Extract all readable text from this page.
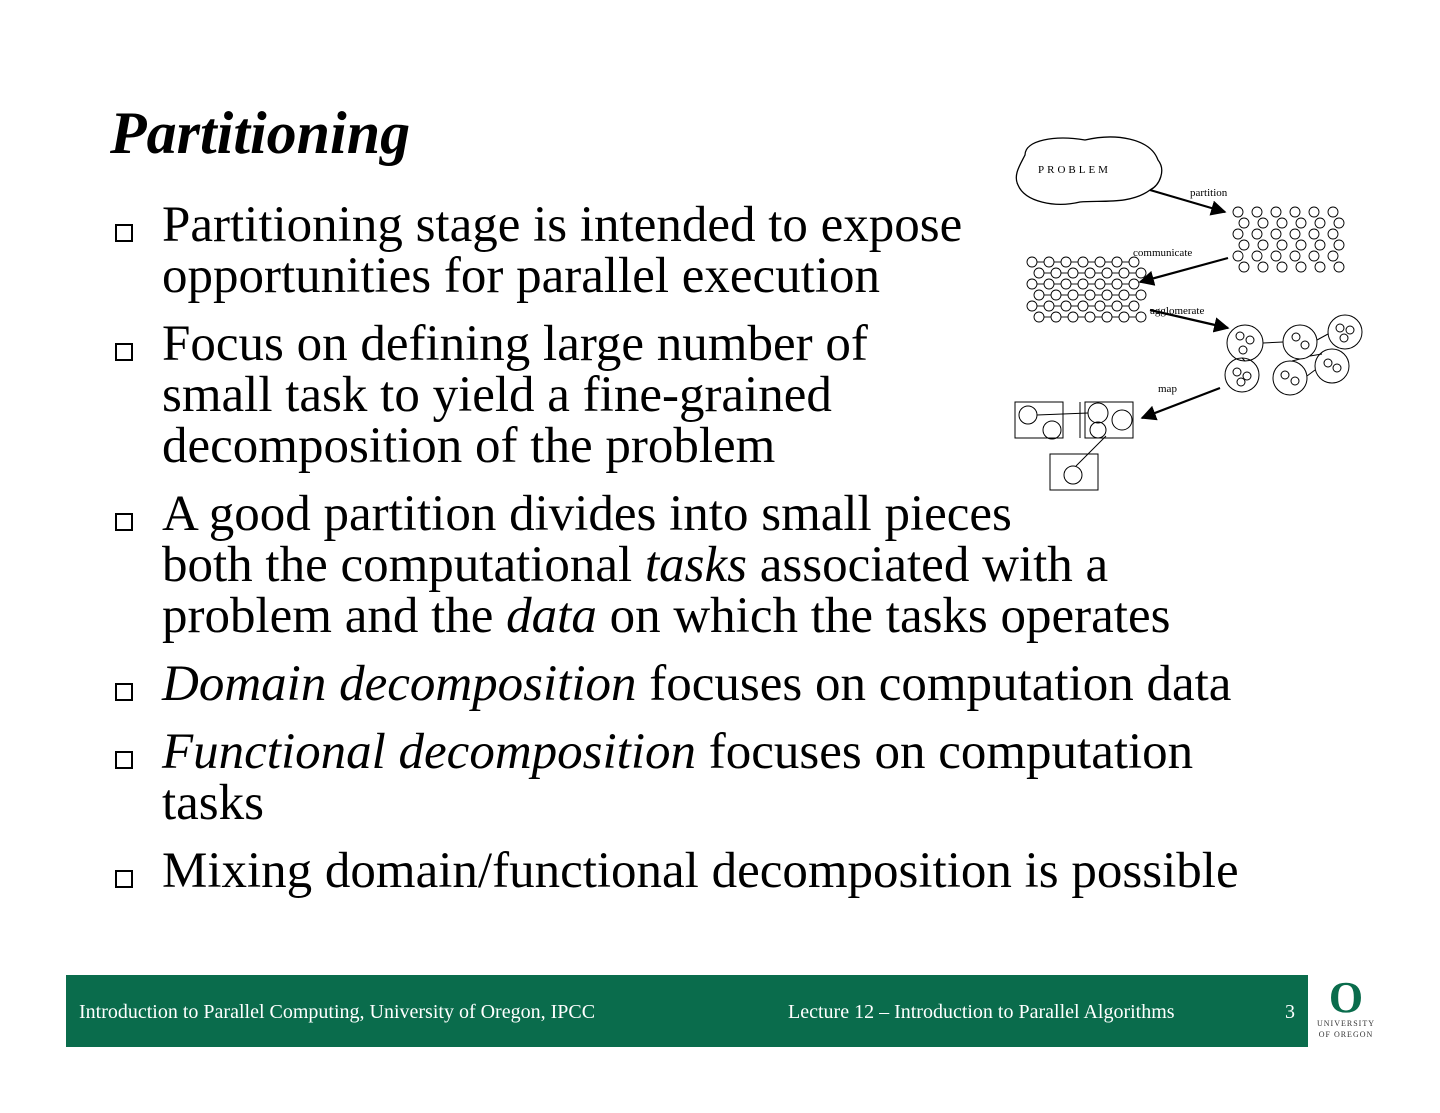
Partitioning
Partitioning stage is intended to expose
opportunities for parallel execution
Focus on defining large number of
small task to yield a fine-grained
decomposition of the problem
A good partition divides into small pieces
both the computational tasks associated with a
problem and the data on which the tasks operates
Domain decomposition focuses on computation data
Functional decomposition focuses on computation
tasks
Mixing domain/functional decomposition is possible
PROBLEM
partition
communicate
agglomerate
map
Introduction to Parallel Computing, University of Oregon, IPCC	Lecture 12 – Introduction to Parallel Algorithms	3 O
UNIVERSITY
OF OREGON
